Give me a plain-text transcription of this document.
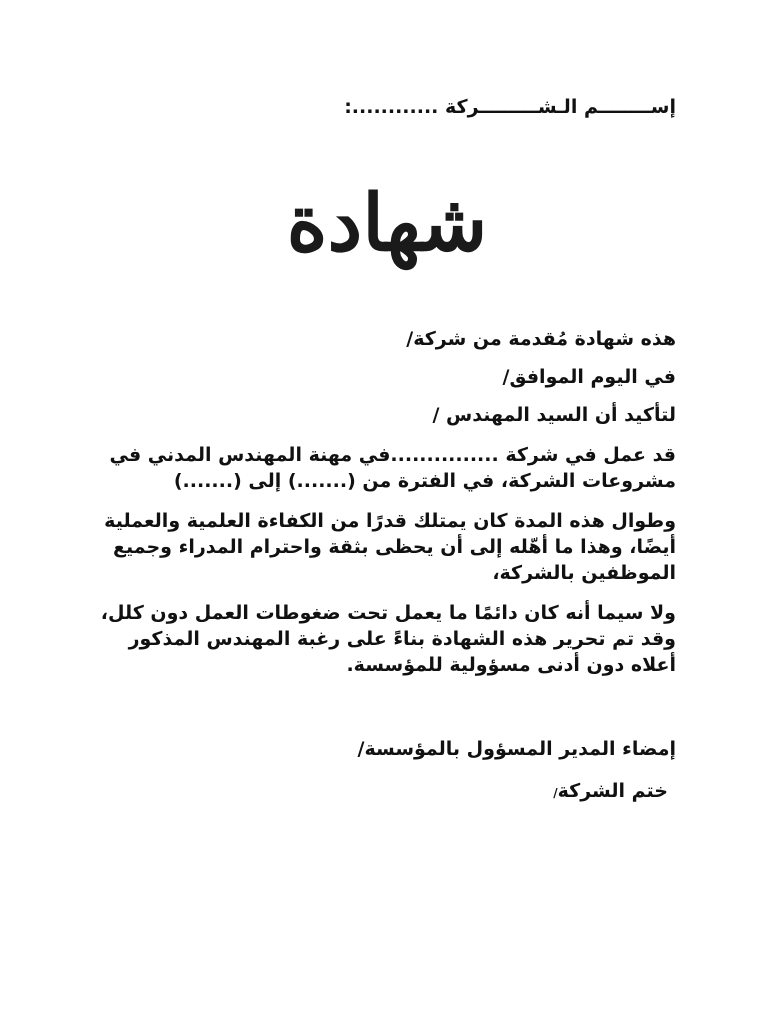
إســــــــم الـشـــــــــركة ............:
شهادة

هذه شهادة مُقدمة من شركة/

في اليوم الموافق/

لتأكيد أن السيد المهندس /

قد عمل في شركة ...............في مهنة المهندس المدني في مشروعات الشركة، في الفترة من (.......) إلى (.......)

وطوال هذه المدة كان يمتلك قدرًا من الكفاءة العلمية والعملية أيضًا، وهذا ما أهّله إلى أن يحظى بثقة واحترام المدراء وجميع الموظفين بالشركة،

ولا سيما أنه كان دائمًا ما يعمل تحت ضغوطات العمل دون كلل، وقد تم تحرير هذه الشهادة بناءً على رغبة المهندس المذكور أعلاه دون أدنى مسؤولية للمؤسسة.

إمضاء المدير المسؤول بالمؤسسة/

ختم الشركة/
